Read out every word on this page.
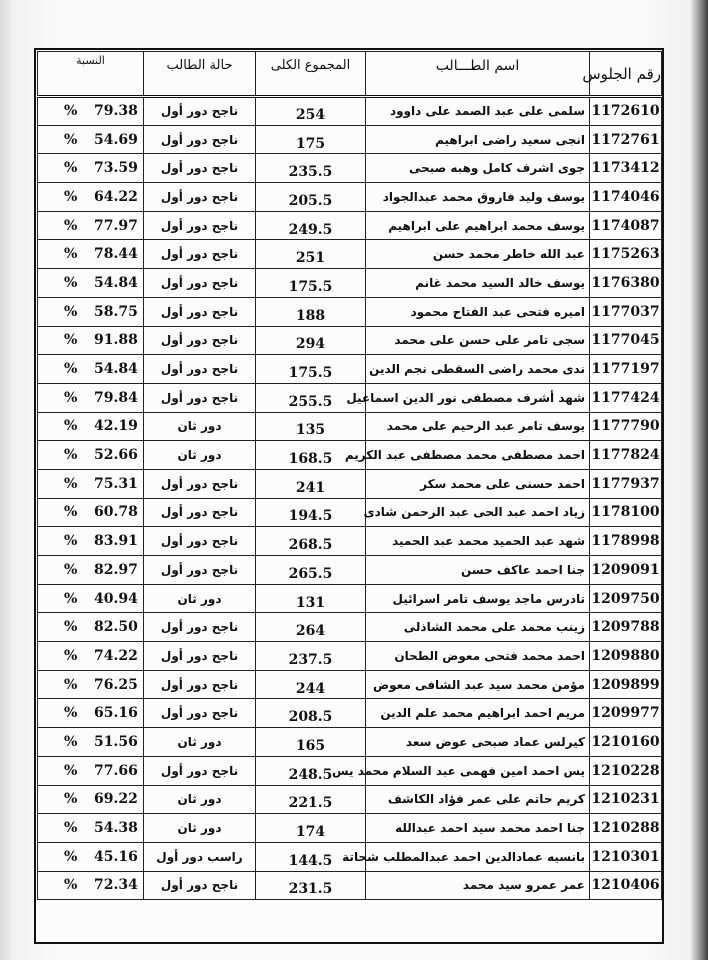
رقم الجلوس	اسم الطـــالب	المجموع الكلى	حالة الطالب	النسبة
1172610	سلمى على عبد الصمد على داوود	254	ناجح دور أول	% 79.38
1172761	انجى سعيد راضى ابراهيم	175	ناجح دور أول	% 54.69
1173412	جوى اشرف كامل وهبه صبحى	235.5	ناجح دور أول	% 73.59
1174046	يوسف وليد فاروق محمد عبدالجواد	205.5	ناجح دور أول	% 64.22
1174087	يوسف محمد ابراهيم على ابراهيم	249.5	ناجح دور أول	% 77.97
1175263	عبد الله خاطر محمد حسن	251	ناجح دور أول	% 78.44
1176380	يوسف خالد السيد محمد غانم	175.5	ناجح دور أول	% 54.84
1177037	اميره فتحى عبد الفتاح محمود	188	ناجح دور أول	% 58.75
1177045	سجى تامر على حسن على محمد	294	ناجح دور أول	% 91.88
1177197	ندى محمد راضى السقطى نجم الدين	175.5	ناجح دور أول	% 54.84
1177424	شهد أشرف مصطفى نور الدين اسماعيل	255.5	ناجح دور أول	% 79.84
1177790	يوسف تامر عبد الرحيم على محمد	135	دور ثان	% 42.19
1177824	احمد مصطفى محمد مصطفى عبد الكريم	168.5	دور ثان	% 52.66
1177937	احمد حسنى على محمد سكر	241	ناجح دور أول	% 75.31
1178100	زياد احمد عبد الحى عبد الرحمن شادى	194.5	ناجح دور أول	% 60.78
1178998	شهد عبد الحميد محمد عبد الحميد	268.5	ناجح دور أول	% 83.91
1209091	جنا احمد عاكف حسن	265.5	ناجح دور أول	% 82.97
1209750	تادرس ماجد يوسف تامر اسرائيل	131	دور ثان	% 40.94
1209788	زينب محمد على محمد الشاذلى	264	ناجح دور أول	% 82.50
1209880	احمد محمد فتحى معوض الطحان	237.5	ناجح دور أول	% 74.22
1209899	مؤمن محمد سيد عبد الشافى معوض	244	ناجح دور أول	% 76.25
1209977	مريم احمد ابراهيم محمد علم الدين	208.5	ناجح دور أول	% 65.16
1210160	كيرلس عماد صبحى عوض سعد	165	دور ثان	% 51.56
1210228	يس احمد امين فهمى عبد السلام محمد يس	248.5	ناجح دور أول	% 77.66
1210231	كريم حاتم على عمر فؤاد الكاشف	221.5	دور ثان	% 69.22
1210288	جنا احمد محمد سيد احمد عبدالله	174	دور ثان	% 54.38
1210301	بانسيه عمادالدين احمد عبدالمطلب شحاتة	144.5	راسب دور أول	% 45.16
1210406	عمر عمرو سيد محمد	231.5	ناجح دور أول	% 72.34
